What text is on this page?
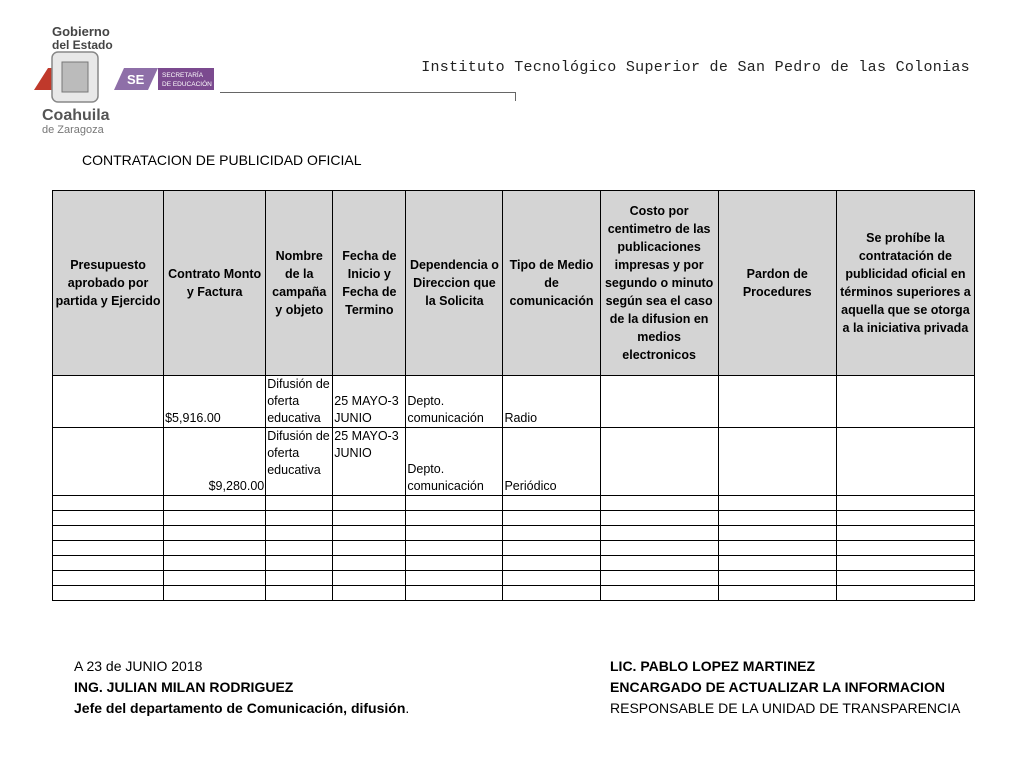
Gobierno
del Estado
SE	SECRETARÍA
DE EDUCACIÓN
Coahuila
de Zaragoza
Instituto Tecnológico Superior de San Pedro de las Colonias
CONTRATACION DE PUBLICIDAD OFICIAL
Presupuesto aprobado por partida y Ejercido	Contrato Monto y Factura	Nombre de la campaña y objeto	Fecha de Inicio y Fecha de Termino	Dependencia o Direccion que la Solicita	Tipo de Medio de comunicación	Costo por centimetro de las publicaciones impresas y por segundo o minuto según sea el caso de la difusion en medios electronicos	Pardon de Procedures	Se prohíbe la contratación de publicidad oficial en términos superiores a aquella que se otorga a la iniciativa privada
	$5,916.00	Difusión de oferta educativa	25 MAYO-3 JUNIO	Depto. comunicación	Radio			
	$9,280.00	Difusión de oferta educativa	25 MAYO-3 JUNIO	Depto. comunicación	Periódico			

A 23 de JUNIO 2018
ING. JULIAN MILAN RODRIGUEZ
Jefe del departamento de Comunicación, difusión.
LIC. PABLO LOPEZ MARTINEZ
ENCARGADO DE ACTUALIZAR LA INFORMACION
RESPONSABLE DE LA UNIDAD DE TRANSPARENCIA
